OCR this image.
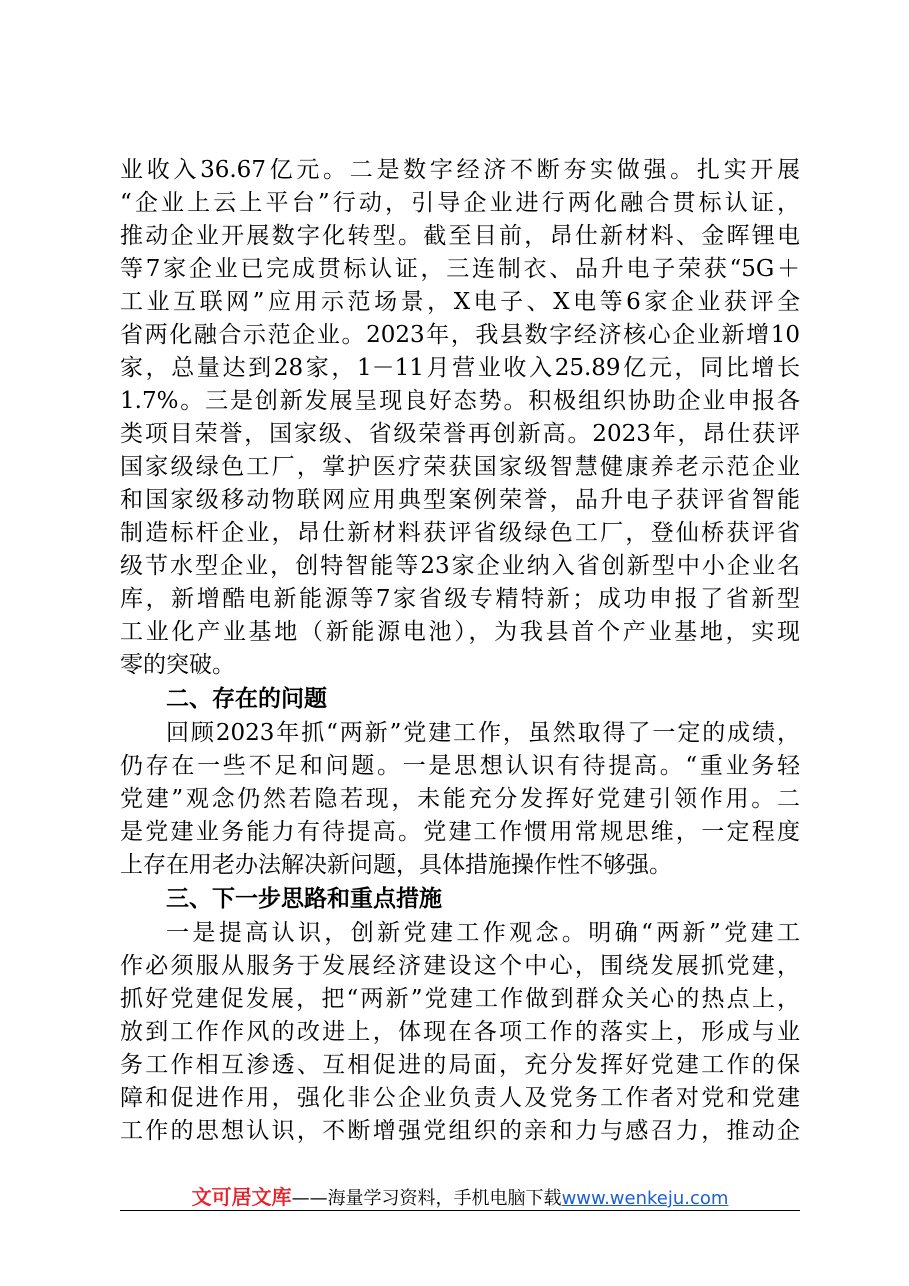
业收入36.67亿元。二是数字经济不断夯实做强。扎实开展
“企业上云上平台”行动，引导企业进行两化融合贯标认证，
推动企业开展数字化转型。截至目前，昂仕新材料、金晖锂电
等7家企业已完成贯标认证，三连制衣、品升电子荣获“5G＋
工业互联网”应用示范场景，X电子、X电等6家企业获评全
省两化融合示范企业。2023年，我县数字经济核心企业新增10
家，总量达到28家，1－11月营业收入25.89亿元，同比增长
1.7%。三是创新发展呈现良好态势。积极组织协助企业申报各
类项目荣誉，国家级、省级荣誉再创新高。2023年，昂仕获评
国家级绿色工厂，掌护医疗荣获国家级智慧健康养老示范企业
和国家级移动物联网应用典型案例荣誉，品升电子获评省智能
制造标杆企业，昂仕新材料获评省级绿色工厂，登仙桥获评省
级节水型企业，创特智能等23家企业纳入省创新型中小企业名
库，新增酷电新能源等7家省级专精特新；成功申报了省新型
工业化产业基地（新能源电池），为我县首个产业基地，实现
零的突破。
二、存在的问题
回顾2023年抓“两新”党建工作，虽然取得了一定的成绩，
仍存在一些不足和问题。一是思想认识有待提高。“重业务轻
党建”观念仍然若隐若现，未能充分发挥好党建引领作用。二
是党建业务能力有待提高。党建工作惯用常规思维，一定程度
上存在用老办法解决新问题，具体措施操作性不够强。
三、下一步思路和重点措施
一是提高认识，创新党建工作观念。明确“两新”党建工
作必须服从服务于发展经济建设这个中心，围绕发展抓党建，
抓好党建促发展，把“两新”党建工作做到群众关心的热点上，
放到工作作风的改进上，体现在各项工作的落实上，形成与业
务工作相互渗透、互相促进的局面，充分发挥好党建工作的保
障和促进作用，强化非公企业负责人及党务工作者对党和党建
工作的思想认识，不断增强党组织的亲和力与感召力，推动企
文可居文库——海量学习资料，手机电脑下载www.wenkeju.com
